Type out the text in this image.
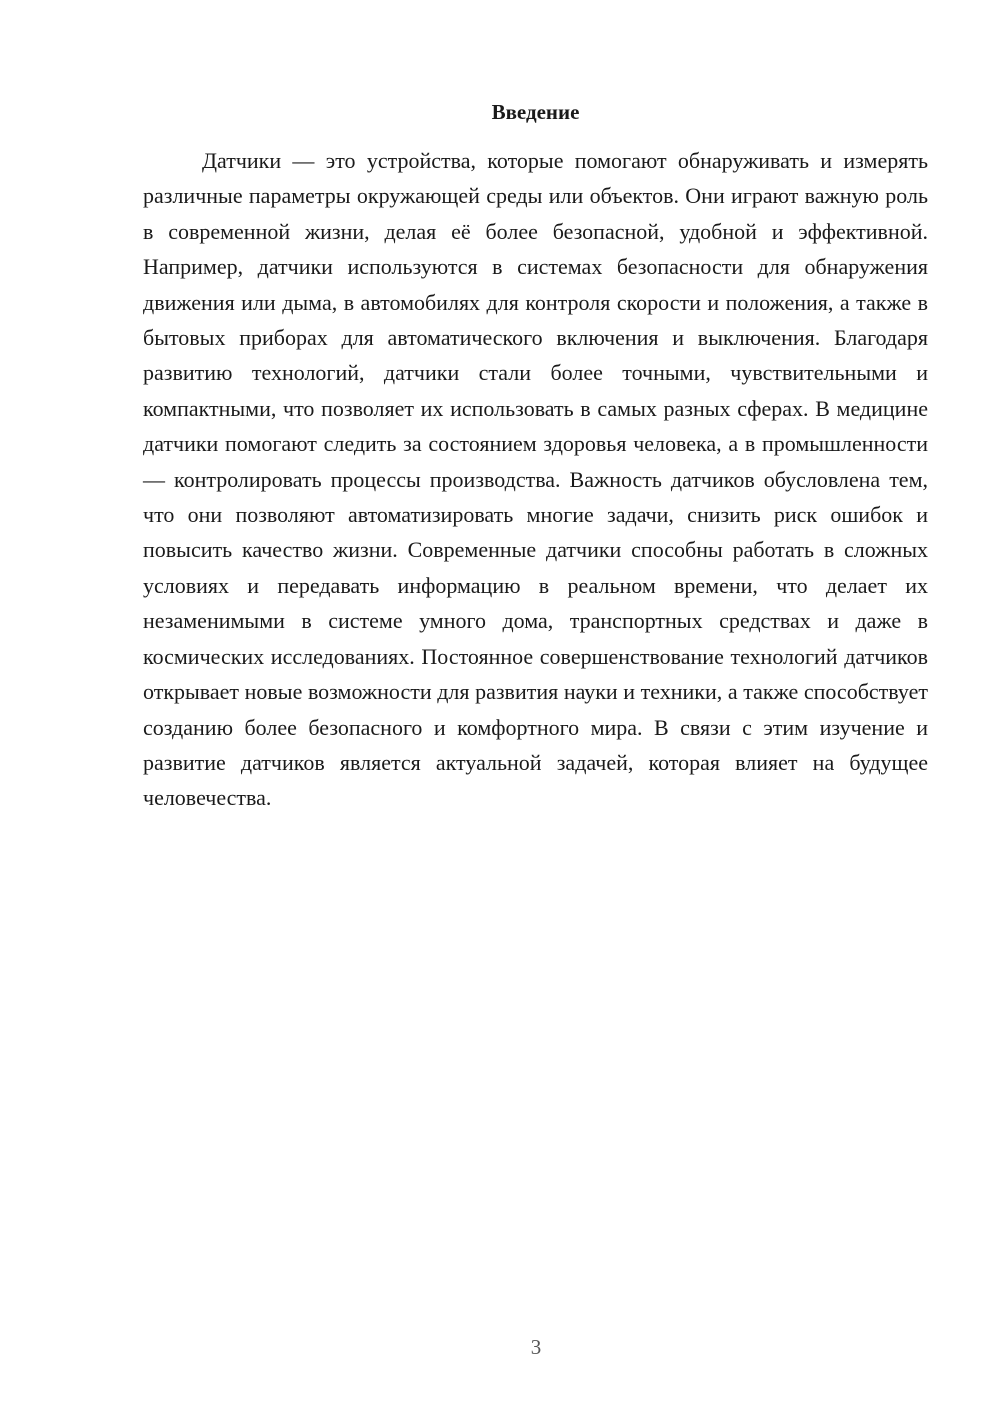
Введение

Датчики — это устройства, которые помогают обнаруживать и измерять различные параметры окружающей среды или объектов. Они играют важную роль в современной жизни, делая её более безопасной, удобной и эффективной. Например, датчики используются в системах безопасности для обнаружения движения или дыма, в автомобилях для контроля скорости и положения, а также в бытовых приборах для автоматического включения и выключения. Благодаря развитию технологий, датчики стали более точными, чувствительными и компактными, что позволяет их использовать в самых разных сферах. В медицине датчики помогают следить за состоянием здоровья человека, а в промышленности — контролировать процессы производства. Важность датчиков обусловлена тем, что они позволяют автоматизировать многие задачи, снизить риск ошибок и повысить качество жизни. Современные датчики способны работать в сложных условиях и передавать информацию в реальном времени, что делает их незаменимыми в системе умного дома, транспортных средствах и даже в космических исследованиях. Постоянное совершенствование технологий датчиков открывает новые возможности для развития науки и техники, а также способствует созданию более безопасного и комфортного мира. В связи с этим изучение и развитие датчиков является актуальной задачей, которая влияет на будущее человечества.

3
